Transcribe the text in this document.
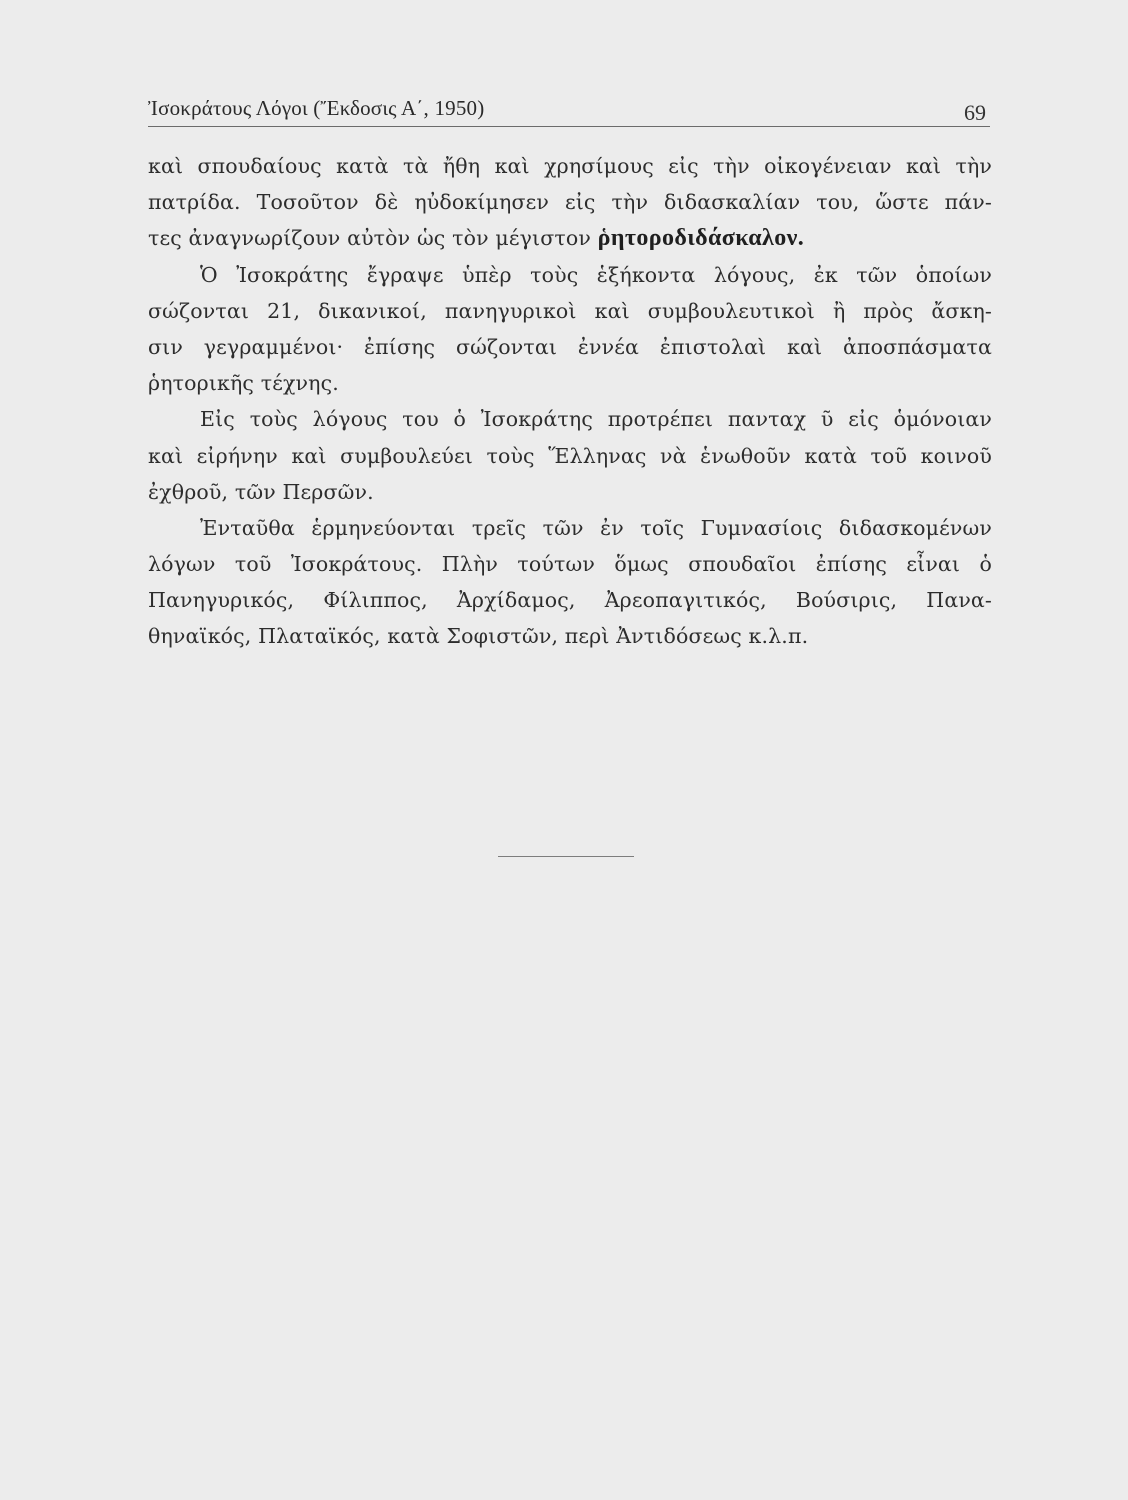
Ἰσοκράτους Λόγοι (Ἔκδοσις Α΄, 1950)	69
καὶ σπουδαίους κατὰ τὰ ἤθη καὶ χρησίμους εἰς τὴν οἰκογένειαν καὶ τὴν
πατρίδα. Τοσοῦτον δὲ ηὐδοκίμησεν εἰς τὴν διδασκαλίαν του, ὥστε πάν-
τες ἀναγνωρίζουν αὐτὸν ὡς τὸν μέγιστον ῥητοροδιδάσκαλον.
Ὁ Ἰσοκράτης ἔγραψε ὑπὲρ τοὺς ἑξήκοντα λόγους, ἐκ τῶν ὁποίων
σώζονται 21, δικανικοί, πανηγυρικοὶ καὶ συμβουλευτικοὶ ἢ πρὸς ἄσκη-
σιν γεγραμμένοι· ἐπίσης σώζονται ἐννέα ἐπιστολαὶ καὶ ἀποσπάσματα
ῥητορικῆς τέχνης.
Εἰς τοὺς λόγους του ὁ Ἰσοκράτης προτρέπει πανταχ ῦ εἰς ὁμόνοιαν
καὶ εἰρήνην καὶ συμβουλεύει τοὺς Ἕλληνας νὰ ἑνωθοῦν κατὰ τοῦ κοινοῦ
ἐχθροῦ, τῶν Περσῶν.
Ἐνταῦθα ἑρμηνεύονται τρεῖς τῶν ἐν τοῖς Γυμνασίοις διδασκομένων
λόγων τοῦ Ἰσοκράτους. Πλὴν τούτων ὅμως σπουδαῖοι ἐπίσης εἶναι ὁ
Πανηγυρικός, Φίλιππος, Ἀρχίδαμος, Ἀρεοπαγιτικός, Βούσιρις, Πανα-
θηναϊκός, Πλαταϊκός, κατὰ Σοφιστῶν, περὶ Ἀντιδόσεως κ.λ.π.
